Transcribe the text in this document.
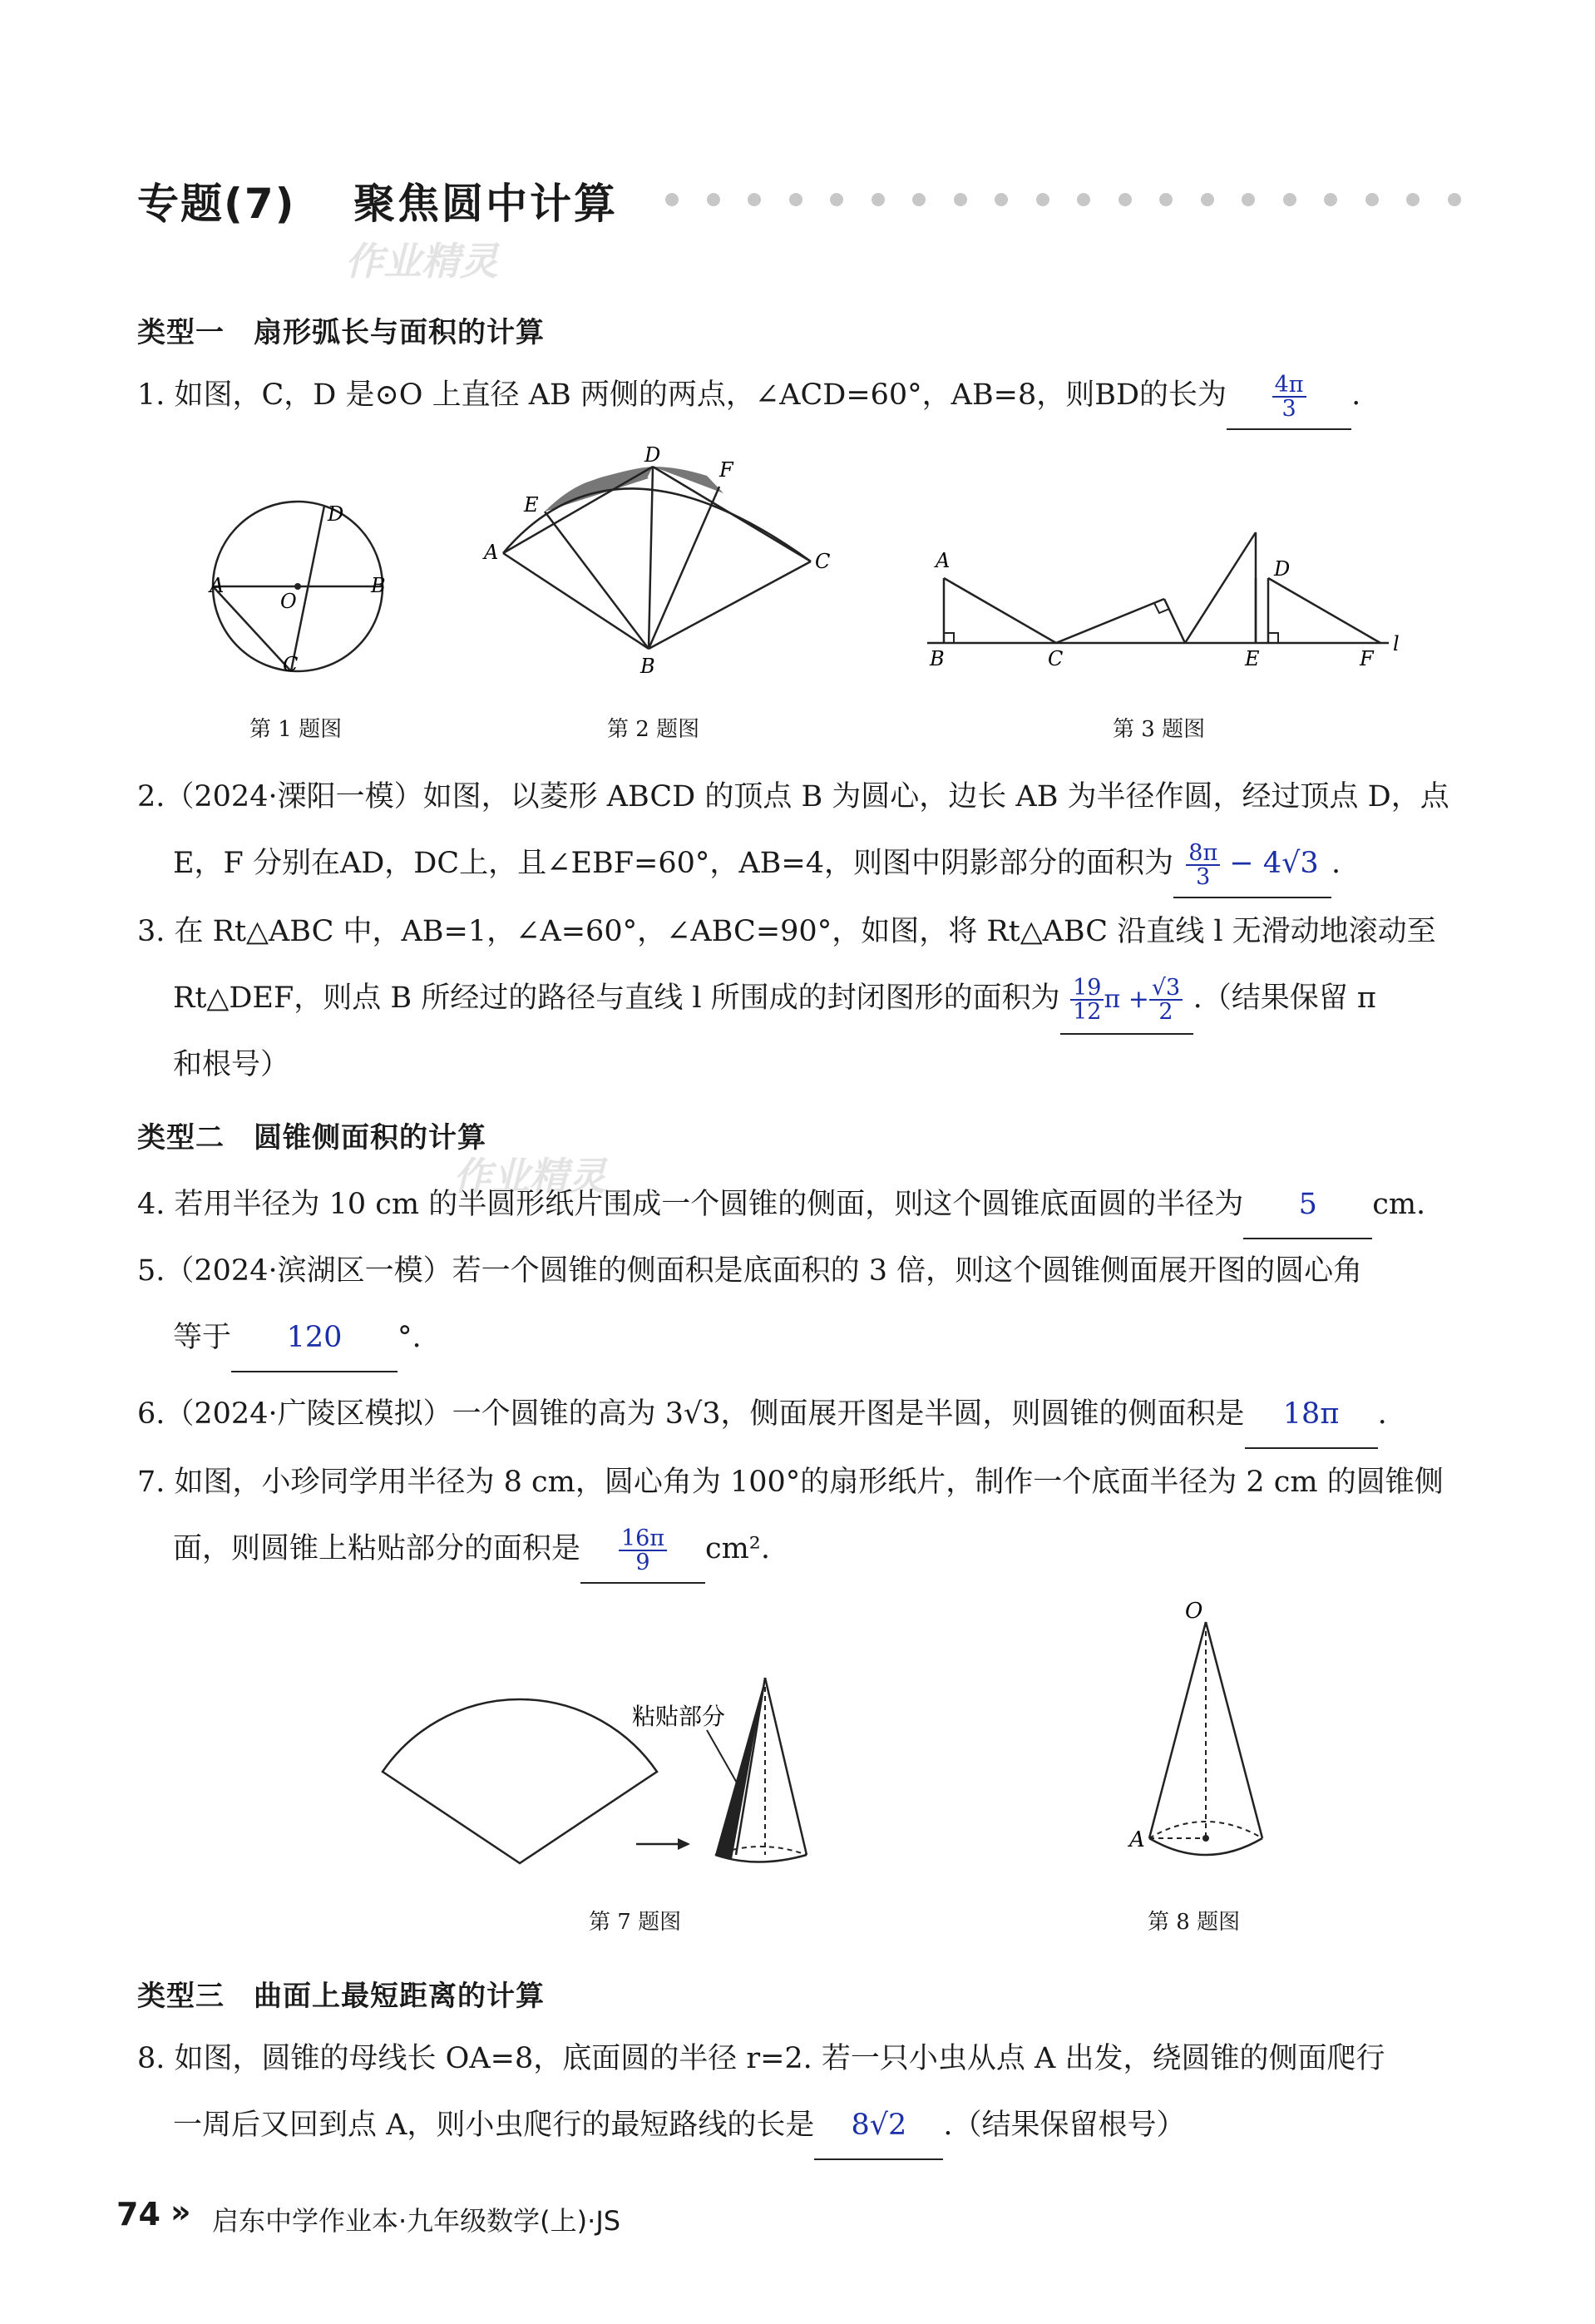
专题(7) 聚焦圆中计算
作业精灵
类型一　扇形弧长与面积的计算
1. 如图，C，D 是⊙O 上直径 AB 两侧的两点，∠ACD=60°，AB=8，则BD的长为 $\frac{4\pi}{3}$ .
A	B
C
D
O
第 1 题图
A
B
C
D
E
F
第 2 题图
A
B	C
D
E	F
l
第 3 题图
2.（2024·溧阳一模）如图，以菱形 ABCD 的顶点 B 为圆心，边长 AB 为半径作圆，经过顶点 D，点
E，F 分别在AD，DC上，且∠EBF=60°，AB=4，则图中阴影部分的面积为 $\frac{8\pi}{3} - 4√3$ .
3. 在 Rt△ABC 中，AB=1，∠A=60°，∠ABC=90°，如图，将 Rt△ABC 沿直线 l 无滑动地滚动至
Rt△DEF，则点 B 所经过的路径与直线 l 所围成的封闭图形的面积为 $\frac{19}{12}$ $\pi + \frac{√3}{2}$ .（结果保留 π
和根号）
类型二　圆锥侧面积的计算
作业精灵
4. 若用半径为 10 cm 的半圆形纸片围成一个圆锥的侧面，则这个圆锥底面圆的半径为 5 cm.
5.（2024·滨湖区一模）若一个圆锥的侧面积是底面积的 3 倍，则这个圆锥侧面展开图的圆心角
等于 120 °.
6.（2024·广陵区模拟）一个圆锥的高为 3√3，侧面展开图是半圆，则圆锥的侧面积是 18π .
7. 如图，小珍同学用半径为 8 cm，圆心角为 100°的扇形纸片，制作一个底面半径为 2 cm 的圆锥侧
面，则圆锥上粘贴部分的面积是 $\frac{16\pi}{9} cm^2$.
粘贴部分
第 7 题图
O
A
第 8 题图
类型三　曲面上最短距离的计算
8. 如图，圆锥的母线长 OA=8，底面圆的半径 r=2. 若一只小虫从点 A 出发，绕圆锥的侧面爬行
一周后又回到点 A，则小虫爬行的最短路线的长是 8√2 .（结果保留根号）
74 » 启东中学作业本·九年级数学(上)·JS
